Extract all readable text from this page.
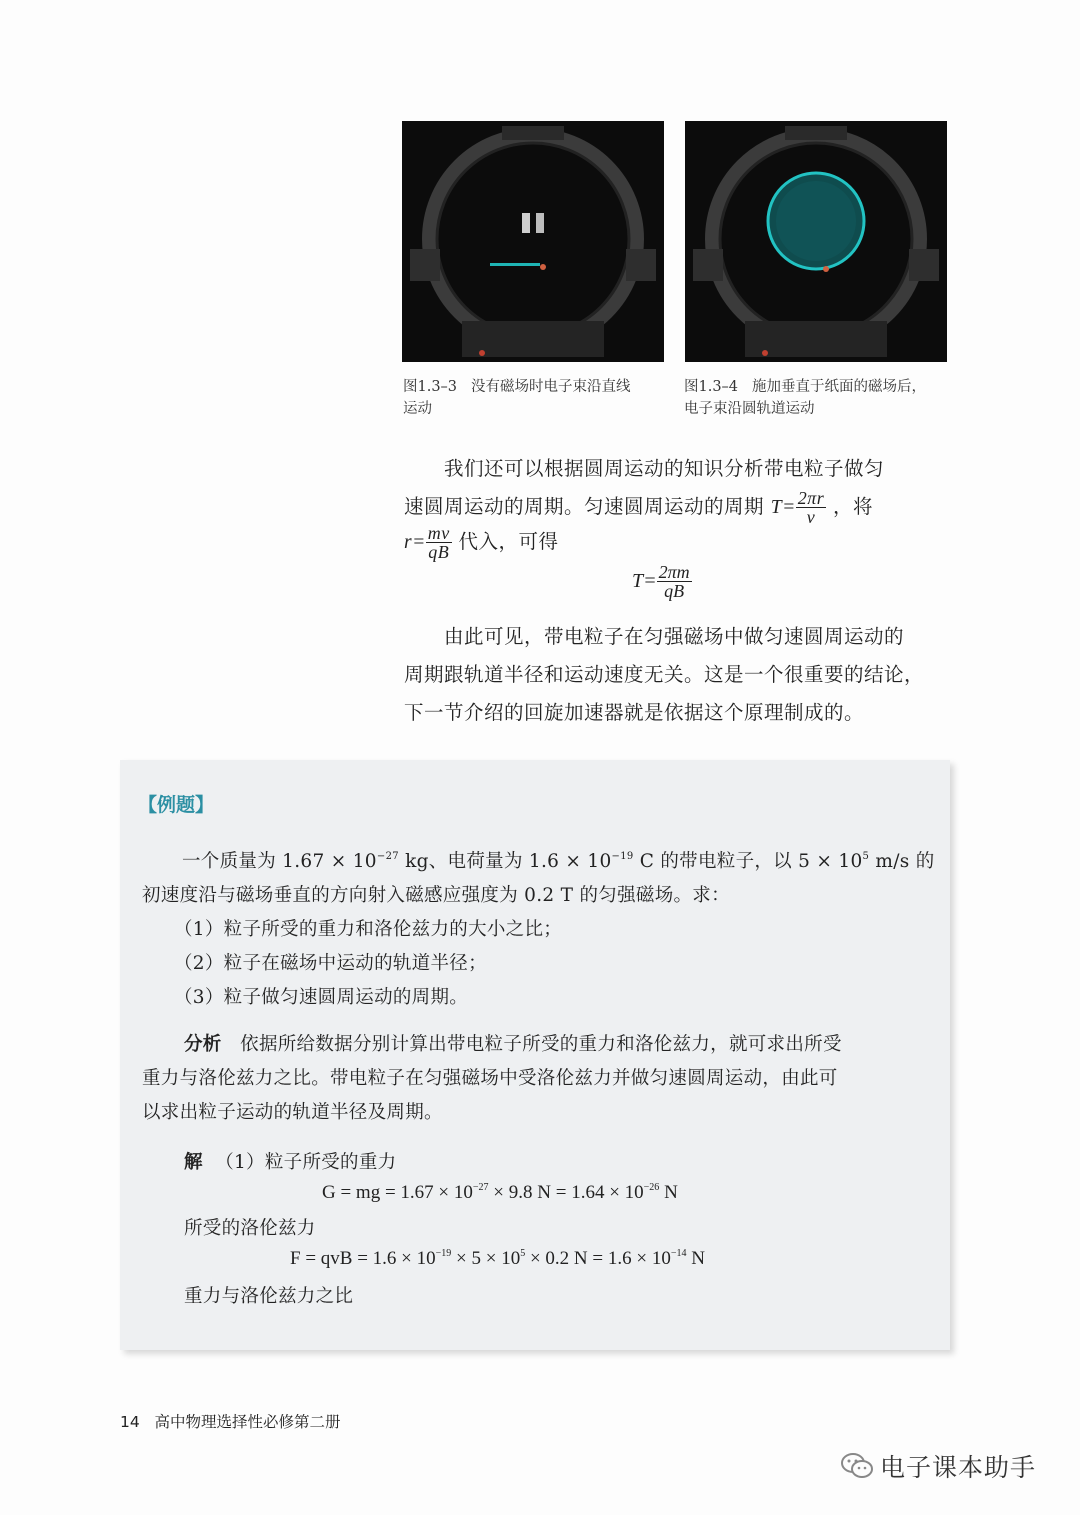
图1.3–3 没有磁场时电子束沿直线
运动
图1.3–4 施加垂直于纸面的磁场后，
电子束沿圆轨道运动
我们还可以根据圆周运动的知识分析带电粒子做匀
速圆周运动的周期。匀速圆周运动的周期 $T= \frac{2\pi r}{v}$ ，将
$r= \frac{mv}{qB}$ 代入，可得
$T= \frac{2\pi m}{qB}$
由此可见，带电粒子在匀强磁场中做匀速圆周运动的
周期跟轨道半径和运动速度无关。这是一个很重要的结论，
下一节介绍的回旋加速器就是依据这个原理制成的。
【例题】
一个质量为 $1.67 \times 10^{-27}$ kg、电荷量为 $1.6 \times 10^{-19}$ C 的带电粒子，以 $5 \times 10^5$ m/s 的
初速度沿与磁场垂直的方向射入磁感应强度为 0.2 T 的匀强磁场。求：
（1）粒子所受的重力和洛伦兹力的大小之比；
（2）粒子在磁场中运动的轨道半径；
（3）粒子做匀速圆周运动的周期。
分析 依据所给数据分别计算出带电粒子所受的重力和洛伦兹力，就可求出所受
重力与洛伦兹力之比。带电粒子在匀强磁场中受洛伦兹力并做匀速圆周运动，由此可
以求出粒子运动的轨道半径及周期。
解 （1）粒子所受的重力
G = mg = $1.67 \times 10^{-27} \times 9.8$ $N = 1.64 \times 10^{-26}$ N
所受的洛伦兹力
F = qvB = $1.6 \times 10^{-19} \times 5 \times 10^5 \times 0.2$ $N = 1.6 \times 10^{-14}$ N
重力与洛伦兹力之比
14 高中物理选择性必修第二册
电子课本助手
